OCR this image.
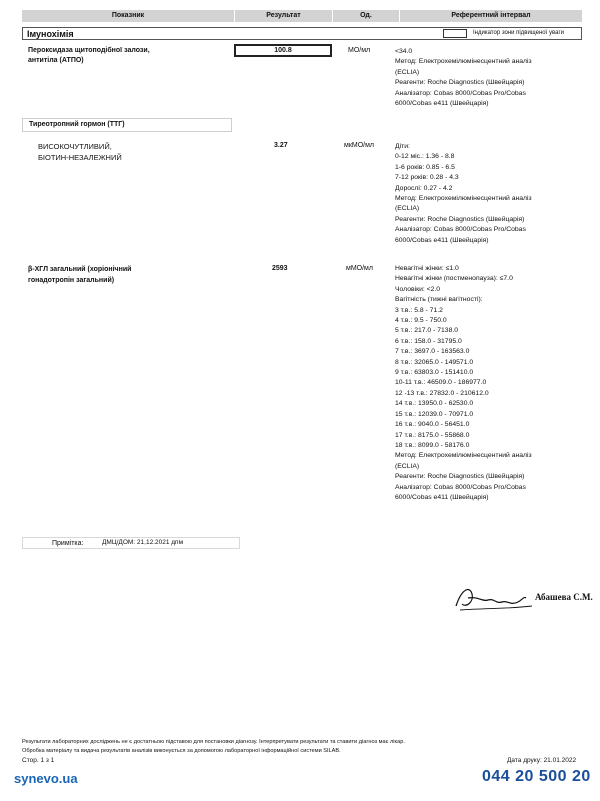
Показник	Результат	Од.	Референтний інтервал
Імунохімія	Індикатор зони підвищеної уваги
Пероксидаза щитоподібної залози,
антитіла (АТПО)
100.8	МО/мл	<34.0
Метод: Електрохемілюмінесцентний аналіз
(ECLIA)
Реагенти: Roche Diagnostics (Швейцарія)
Аналізатор: Cobas 8000/Cobas Pro/Cobas
6000/Cobas e411 (Швейцарія)
Тиреотропний гормон (ТТГ)
ВИСОКОЧУТЛИВИЙ,
БІОТИН-НЕЗАЛЕЖНИЙ
3.27	мкМО/мл	Діти:
0-12 міс.: 1.36 - 8.8
1-6 років: 0.85 - 6.5
7-12 років: 0.28 - 4.3
Дорослі: 0.27 - 4.2
Метод: Електрохемілюмінесцентний аналіз
(ECLIA)
Реагенти: Roche Diagnostics (Швейцарія)
Аналізатор: Cobas 8000/Cobas Pro/Cobas
6000/Cobas e411 (Швейцарія)
β-ХГЛ загальний (хоріонічний
гонадотропін загальний)
2593	мМО/мл	Невагітні жінки: ≤1.0
Невагітні жінки (постменопауза): ≤7.0
Чоловіки: <2.0
Вагітність (тижні вагітності):
3 т.в.: 5.8 - 71.2
4 т.в.: 9.5 - 750.0
5 т.в.: 217.0 - 7138.0
6 т.в.: 158.0 - 31795.0
7 т.в.: 3697.0 - 163563.0
8 т.в.: 32065.0 - 149571.0
9 т.в.: 63803.0 - 151410.0
10-11 т.в.: 46509.0 - 186977.0
12 -13 т.в.: 27832.0 - 210612.0
14 т.в.: 13950.0 - 62530.0
15 т.в.: 12039.0 - 70971.0
16 т.в.: 9040.0 - 56451.0
17 т.в.: 8175.0 - 55868.0
18 т.в.: 8099.0 - 58176.0
Метод: Електрохемілюмінесцентний аналіз
(ECLIA)
Реагенти: Roche Diagnostics (Швейцарія)
Аналізатор: Cobas 8000/Cobas Pro/Cobas
6000/Cobas e411 (Швейцарія)
Примітка:	ДМЦ/ДОМ: 21,12.2021 дпм
Абашева С.М.
Результати лабораторних досліджень не є достатньою підставою для постановки діагнозу. Інтерпретувати результати та ставити діагноз має лікар.
Обробка матеріалу та видача результатів аналізів виконується за допомогою лабораторної інформаційної системи SILAB.
Стор. 1 з 1	Дата друку: 21.01.2022
synevo.ua	044 20 500 20
